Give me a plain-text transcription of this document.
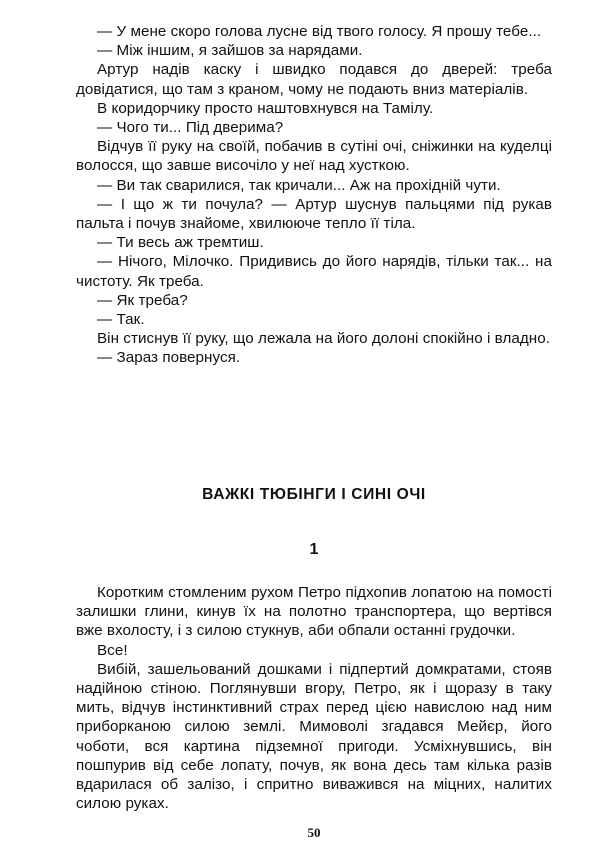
— У мене скоро голова лусне від твого голосу. Я прошу тебе...

— Між іншим, я зайшов за нарядами.

Артур надів каску і швидко подався до дверей: треба довідатися, що там з краном, чому не подають вниз матеріалів.

В коридорчику просто наштовхнувся на Тамілу.

— Чого ти... Під дверима?

Відчув її руку на своїй, побачив в сутіні очі, сніжинки на куделці волосся, що завше височіло у неї над хусткою.

— Ви так сварилися, так кричали... Аж на прохідній чути.

— І що ж ти почула? — Артур шуснув пальцями під рукав пальта і почув знайоме, хвилююче тепло її тіла.

— Ти весь аж тремтиш.

— Нічого, Мілочко. Придивись до його нарядів, тільки так... на чистоту. Як треба.

— Як треба?

— Так.

Він стиснув її руку, що лежала на його долоні спокійно і владно.

— Зараз повернуся.

ВАЖКІ ТЮБІНГИ І СИНІ ОЧІ
1

Коротким стомленим рухом Петро підхопив лопатою на помості залишки глини, кинув їх на полотно транспортера, що вертівся вже вхолосту, і з силою стукнув, аби обпали останні грудочки.

Все!

Вибій, зашельований дошками і підпертий домкратами, стояв надійною стіною. Поглянувши вгору, Петро, як і щоразу в таку мить, відчув інстинктивний страх перед цією навислою над ним приборканою силою землі. Мимоволі згадався Мейєр, його чоботи, вся картина підземної пригоди. Усміхнувшись, він пошпурив від себе лопату, почув, як вона десь там кілька разів вдарилася об залізо, і спритно виважився на міцних, налитих силою руках.

50
